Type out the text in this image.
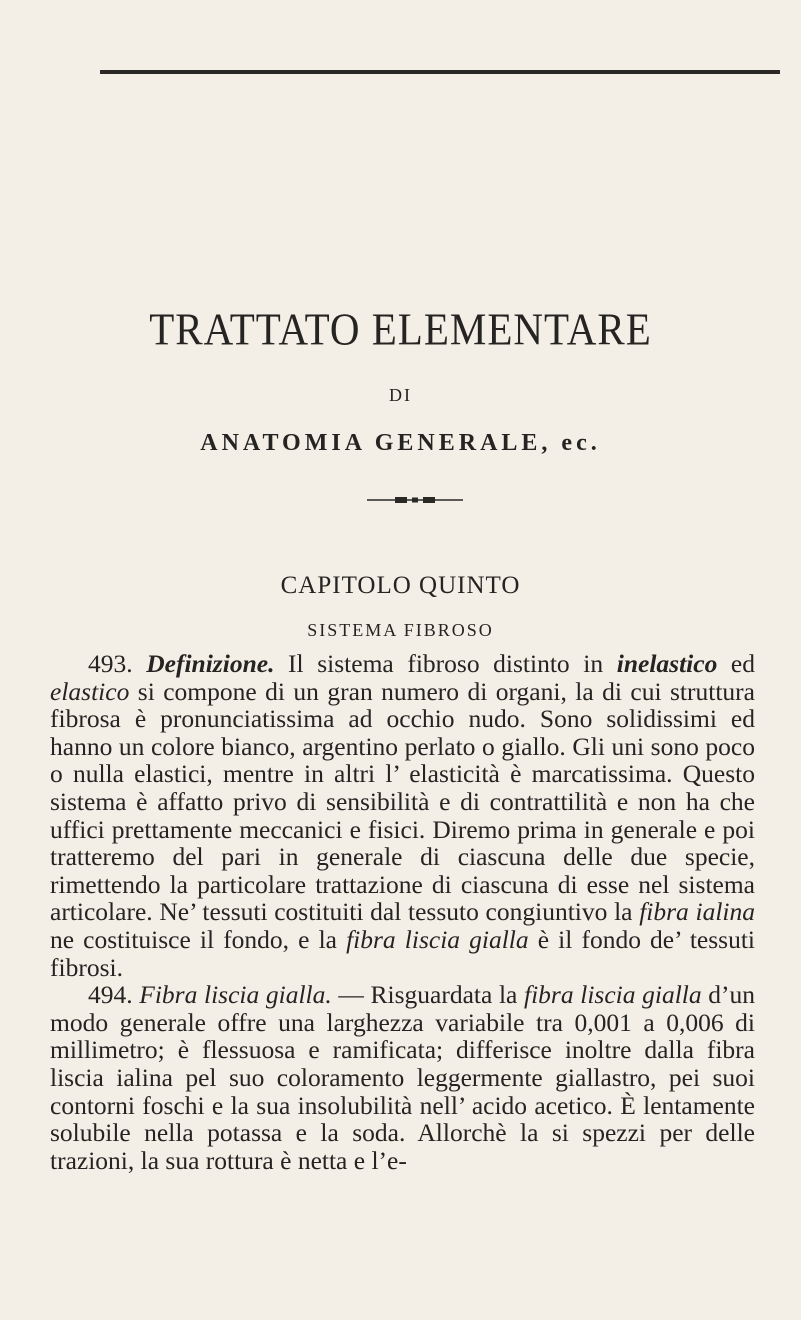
TRATTATO ELEMENTARE
DI
ANATOMIA GENERALE, ec.
CAPITOLO QUINTO
SISTEMA FIBROSO

493. Definizione. Il sistema fibroso distinto in inelastico ed elastico si compone di un gran numero di organi, la di cui struttura fibrosa è pronunciatissima ad occhio nudo. Sono solidissimi ed hanno un colore bianco, argentino perlato o giallo. Gli uni sono poco o nulla elastici, mentre in altri l’ elasticità è marcatissima. Questo sistema è affatto privo di sensibilità e di contrattilità e non ha che uffici prettamente meccanici e fisici. Diremo prima in generale e poi tratteremo del pari in generale di ciascuna delle due specie, rimettendo la particolare trattazione di ciascuna di esse nel sistema articolare. Ne’ tessuti costituiti dal tessuto congiuntivo la fibra ialina ne costituisce il fondo, e la fibra liscia gialla è il fondo de’ tessuti fibrosi.

494. Fibra liscia gialla. — Risguardata la fibra liscia gialla d’un modo generale offre una larghezza variabile tra 0,001 a 0,006 di millimetro; è flessuosa e ramificata; differisce inoltre dalla fibra liscia ialina pel suo coloramento leggermente giallastro, pei suoi contorni foschi e la sua insolubilità nell’ acido acetico. È lentamente solubile nella potassa e la soda. Allorchè la si spezzi per delle trazioni, la sua rottura è netta e l’e-
